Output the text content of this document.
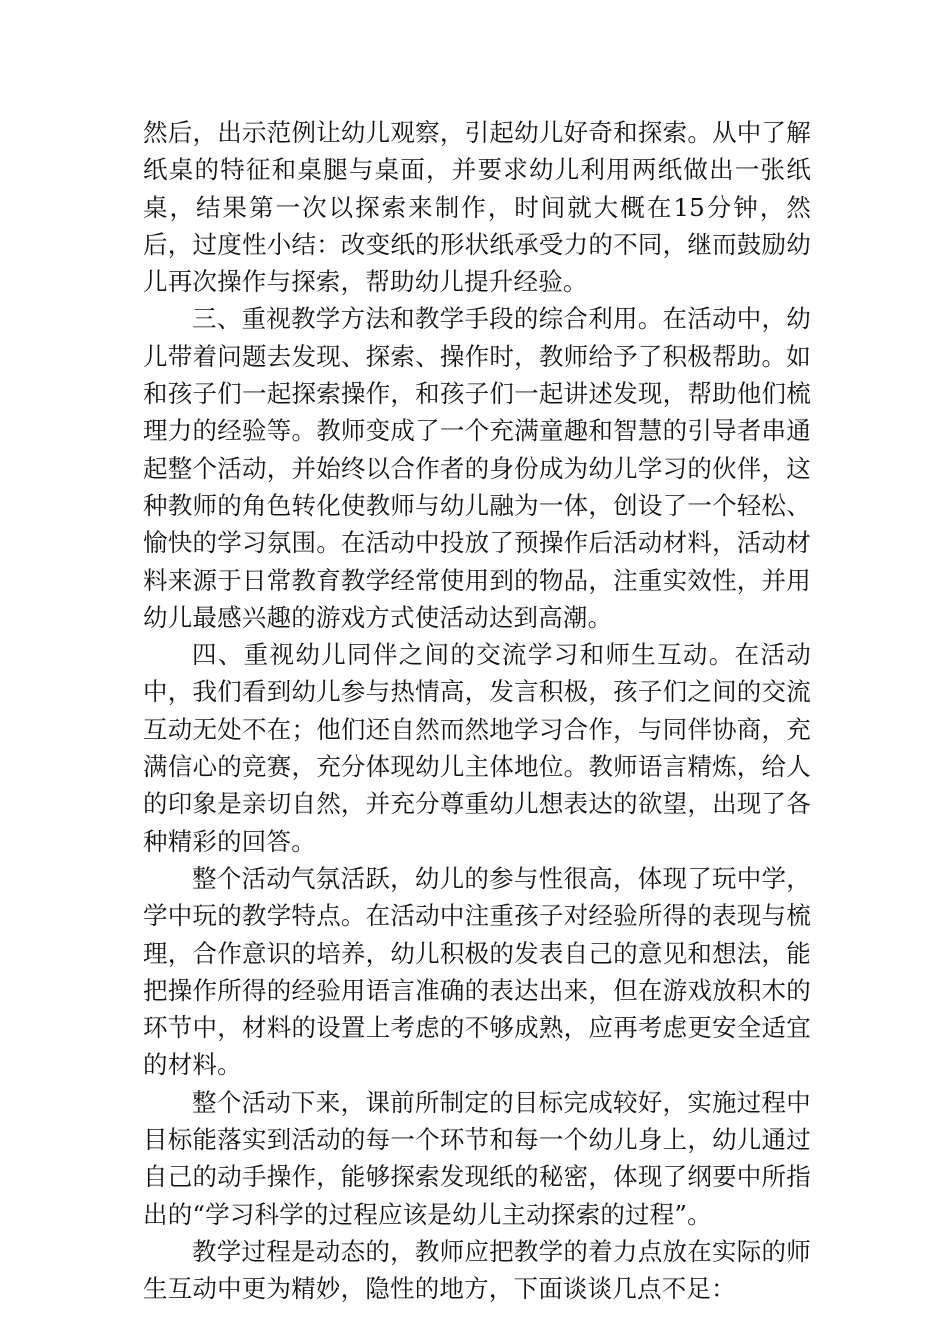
然后，出示范例让幼儿观察，引起幼儿好奇和探索。从中了解纸桌的特征和桌腿与桌面，并要求幼儿利用两纸做出一张纸桌，结果第一次以探索来制作，时间就大概在15分钟，然后，过度性小结：改变纸的形状纸承受力的不同，继而鼓励幼儿再次操作与探索，帮助幼儿提升经验。

三、重视教学方法和教学手段的综合利用。在活动中，幼儿带着问题去发现、探索、操作时，教师给予了积极帮助。如和孩子们一起探索操作，和孩子们一起讲述发现，帮助他们梳理力的经验等。教师变成了一个充满童趣和智慧的引导者串通起整个活动，并始终以合作者的身份成为幼儿学习的伙伴，这种教师的角色转化使教师与幼儿融为一体，创设了一个轻松、愉快的学习氛围。在活动中投放了预操作后活动材料，活动材料来源于日常教育教学经常使用到的物品，注重实效性，并用幼儿最感兴趣的游戏方式使活动达到高潮。

四、重视幼儿同伴之间的交流学习和师生互动。在活动中，我们看到幼儿参与热情高，发言积极，孩子们之间的交流互动无处不在；他们还自然而然地学习合作，与同伴协商，充满信心的竞赛，充分体现幼儿主体地位。教师语言精炼，给人的印象是亲切自然，并充分尊重幼儿想表达的欲望，出现了各种精彩的回答。

整个活动气氛活跃，幼儿的参与性很高，体现了玩中学，学中玩的教学特点。在活动中注重孩子对经验所得的表现与梳理，合作意识的培养，幼儿积极的发表自己的意见和想法，能把操作所得的经验用语言准确的表达出来，但在游戏放积木的环节中，材料的设置上考虑的不够成熟，应再考虑更安全适宜的材料。

整个活动下来，课前所制定的目标完成较好，实施过程中目标能落实到活动的每一个环节和每一个幼儿身上，幼儿通过自己的动手操作，能够探索发现纸的秘密，体现了纲要中所指出的“学习科学的过程应该是幼儿主动探索的过程”。

教学过程是动态的，教师应把教学的着力点放在实际的师生互动中更为精妙，隐性的地方，下面谈谈几点不足：
